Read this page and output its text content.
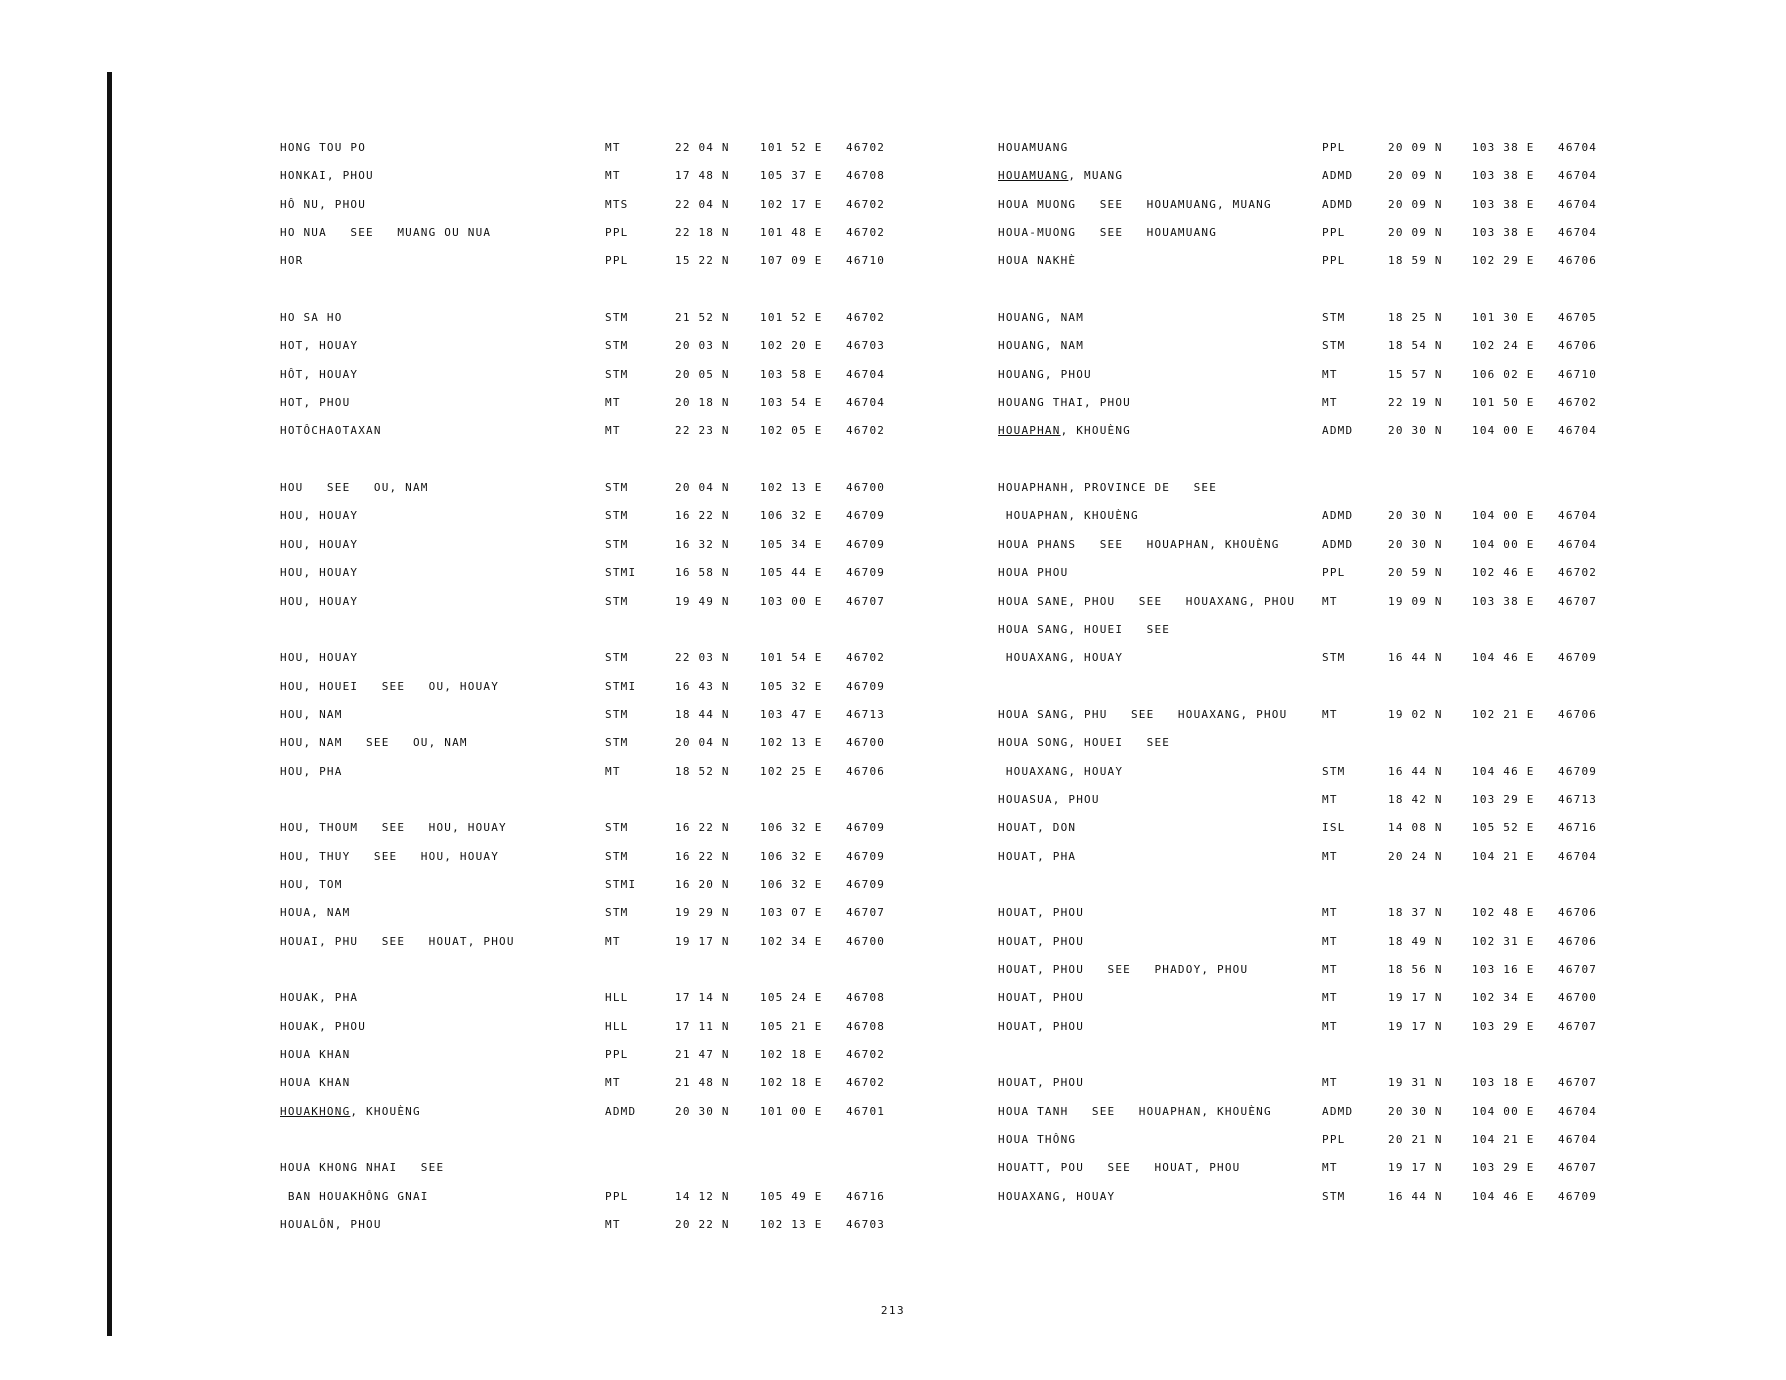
HONG TOU PO	MT	22 04 N	101 52 E 46702
HONKAI, PHOU	MT	17 48 N	105 37 E 46708
HÔ NU, PHOU	MTS	22 04 N	102 17 E 46702
HO NUA   SEE   MUANG OU NUA	PPL	22 18 N	101 48 E 46702
HOR	PPL	15 22 N	107 09 E 46710
HO SA HO	STM	21 52 N	101 52 E 46702
HOT, HOUAY	STM	20 03 N	102 20 E 46703
HÔT, HOUAY	STM	20 05 N	103 58 E 46704
HOT, PHOU	MT	20 18 N	103 54 E 46704
HOTÔCHAOTAXAN	MT	22 23 N	102 05 E 46702
HOU   SEE   OU, NAM	STM	20 04 N	102 13 E 46700
HOU, HOUAY	STM	16 22 N	106 32 E 46709
HOU, HOUAY	STM	16 32 N	105 34 E 46709
HOU, HOUAY	STMI	16 58 N	105 44 E 46709
HOU, HOUAY	STM	19 49 N	103 00 E 46707
HOU, HOUAY	STM	22 03 N	101 54 E 46702
HOU, HOUEI   SEE   OU, HOUAY	STMI	16 43 N	105 32 E 46709
HOU, NAM	STM	18 44 N	103 47 E 46713
HOU, NAM   SEE   OU, NAM	STM	20 04 N	102 13 E 46700
HOU, PHA	MT	18 52 N	102 25 E 46706
HOU, THOUM   SEE   HOU, HOUAY	STM	16 22 N	106 32 E 46709
HOU, THUY   SEE   HOU, HOUAY	STM	16 22 N	106 32 E 46709
HOU, TOM	STMI	16 20 N	106 32 E 46709
HOUA, NAM	STM	19 29 N	103 07 E 46707
HOUAI, PHU   SEE   HOUAT, PHOU	MT	19 17 N	102 34 E 46700
HOUAK, PHA	HLL	17 14 N	105 24 E 46708
HOUAK, PHOU	HLL	17 11 N	105 21 E 46708
HOUA KHAN	PPL	21 47 N	102 18 E 46702
HOUA KHAN	MT	21 48 N	102 18 E 46702
HOUAKHONG, KHOUÈNG	ADMD	20 30 N	101 00 E 46701
HOUA KHONG NHAI   SEE
BAN HOUAKHÔNG GNAI	PPL	14 12 N	105 49 E 46716
HOUALÔN, PHOU	MT	20 22 N	102 13 E 46703
HOUAMUANG	PPL	20 09 N	103 38 E 46704
HOUAMUANG, MUANG	ADMD	20 09 N	103 38 E 46704
HOUA MUONG   SEE   HOUAMUANG, MUANG	ADMD	20 09 N	103 38 E 46704
HOUA-MUONG   SEE   HOUAMUANG	PPL	20 09 N	103 38 E 46704
HOUA NAKHÈ	PPL	18 59 N	102 29 E 46706
HOUANG, NAM	STM	18 25 N	101 30 E 46705
HOUANG, NAM	STM	18 54 N	102 24 E 46706
HOUANG, PHOU	MT	15 57 N	106 02 E 46710
HOUANG THAI, PHOU	MT	22 19 N	101 50 E 46702
HOUAPHAN, KHOUÈNG	ADMD	20 30 N	104 00 E 46704
HOUAPHANH, PROVINCE DE   SEE
HOUAPHAN, KHOUÈNG	ADMD	20 30 N	104 00 E 46704
HOUA PHANS   SEE   HOUAPHAN, KHOUÈNG	ADMD	20 30 N	104 00 E 46704
HOUA PHOU	PPL	20 59 N	102 46 E 46702
HOUA SANE, PHOU   SEE   HOUAXANG, PHOU MT	19 09 N	103 38 E 46707
HOUA SANG, HOUEI   SEE
HOUAXANG, HOUAY	STM	16 44 N	104 46 E 46709
HOUA SANG, PHU   SEE   HOUAXANG, PHOU	MT	19 02 N	102 21 E 46706
HOUA SONG, HOUEI   SEE
HOUAXANG, HOUAY	STM	16 44 N	104 46 E 46709
HOUASUA, PHOU	MT	18 42 N	103 29 E 46713
HOUAT, DON	ISL	14 08 N	105 52 E 46716
HOUAT, PHA	MT	20 24 N	104 21 E 46704
HOUAT, PHOU	MT	18 37 N	102 48 E 46706
HOUAT, PHOU	MT	18 49 N	102 31 E 46706
HOUAT, PHOU   SEE   PHADOY, PHOU	MT	18 56 N	103 16 E 46707
HOUAT, PHOU	MT	19 17 N	102 34 E 46700
HOUAT, PHOU	MT	19 17 N	103 29 E 46707
HOUAT, PHOU	MT	19 31 N	103 18 E 46707
HOUA TANH   SEE   HOUAPHAN, KHOUÈNG	ADMD	20 30 N	104 00 E 46704
HOUA THÔNG	PPL	20 21 N	104 21 E 46704
HOUATT, POU   SEE   HOUAT, PHOU	MT	19 17 N	103 29 E 46707
HOUAXANG, HOUAY	STM	16 44 N	104 46 E 46709
213
